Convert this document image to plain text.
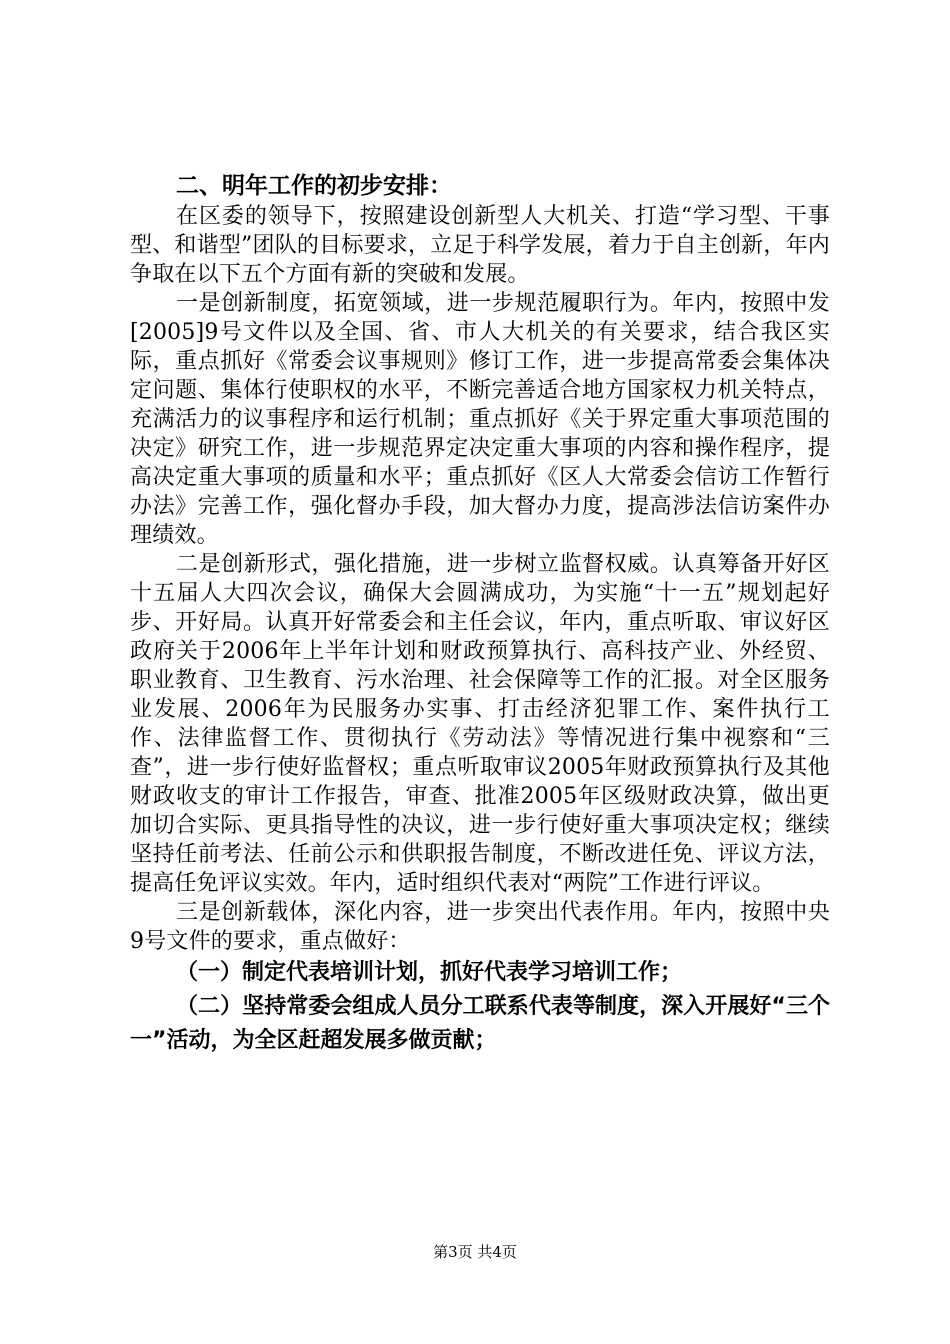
二、明年工作的初步安排：

在区委的领导下，按照建设创新型人大机关、打造“学习型、干事型、和谐型”团队的目标要求，立足于科学发展，着力于自主创新，年内争取在以下五个方面有新的突破和发展。

一是创新制度，拓宽领域，进一步规范履职行为。年内，按照中发[2005]9号文件以及全国、省、市人大机关的有关要求，结合我区实际，重点抓好《常委会议事规则》修订工作，进一步提高常委会集体决定问题、集体行使职权的水平，不断完善适合地方国家权力机关特点，充满活力的议事程序和运行机制；重点抓好《关于界定重大事项范围的决定》研究工作，进一步规范界定决定重大事项的内容和操作程序，提高决定重大事项的质量和水平；重点抓好《区人大常委会信访工作暂行办法》完善工作，强化督办手段，加大督办力度，提高涉法信访案件办理绩效。

二是创新形式，强化措施，进一步树立监督权威。认真筹备开好区十五届人大四次会议，确保大会圆满成功，为实施“十一五”规划起好步、开好局。认真开好常委会和主任会议，年内，重点听取、审议好区政府关于2006年上半年计划和财政预算执行、高科技产业、外经贸、职业教育、卫生教育、污水治理、社会保障等工作的汇报。对全区服务业发展、2006年为民服务办实事、打击经济犯罪工作、案件执行工作、法律监督工作、贯彻执行《劳动法》等情况进行集中视察和“三查”，进一步行使好监督权；重点听取审议2005年财政预算执行及其他财政收支的审计工作报告，审查、批准2005年区级财政决算，做出更加切合实际、更具指导性的决议，进一步行使好重大事项决定权；继续坚持任前考法、任前公示和供职报告制度，不断改进任免、评议方法，提高任免评议实效。年内，适时组织代表对“两院”工作进行评议。

三是创新载体，深化内容，进一步突出代表作用。年内，按照中央9号文件的要求，重点做好：

（一）制定代表培训计划，抓好代表学习培训工作；

（二）坚持常委会组成人员分工联系代表等制度，深入开展好“三个一”活动，为全区赶超发展多做贡献；

第3页 共4页
